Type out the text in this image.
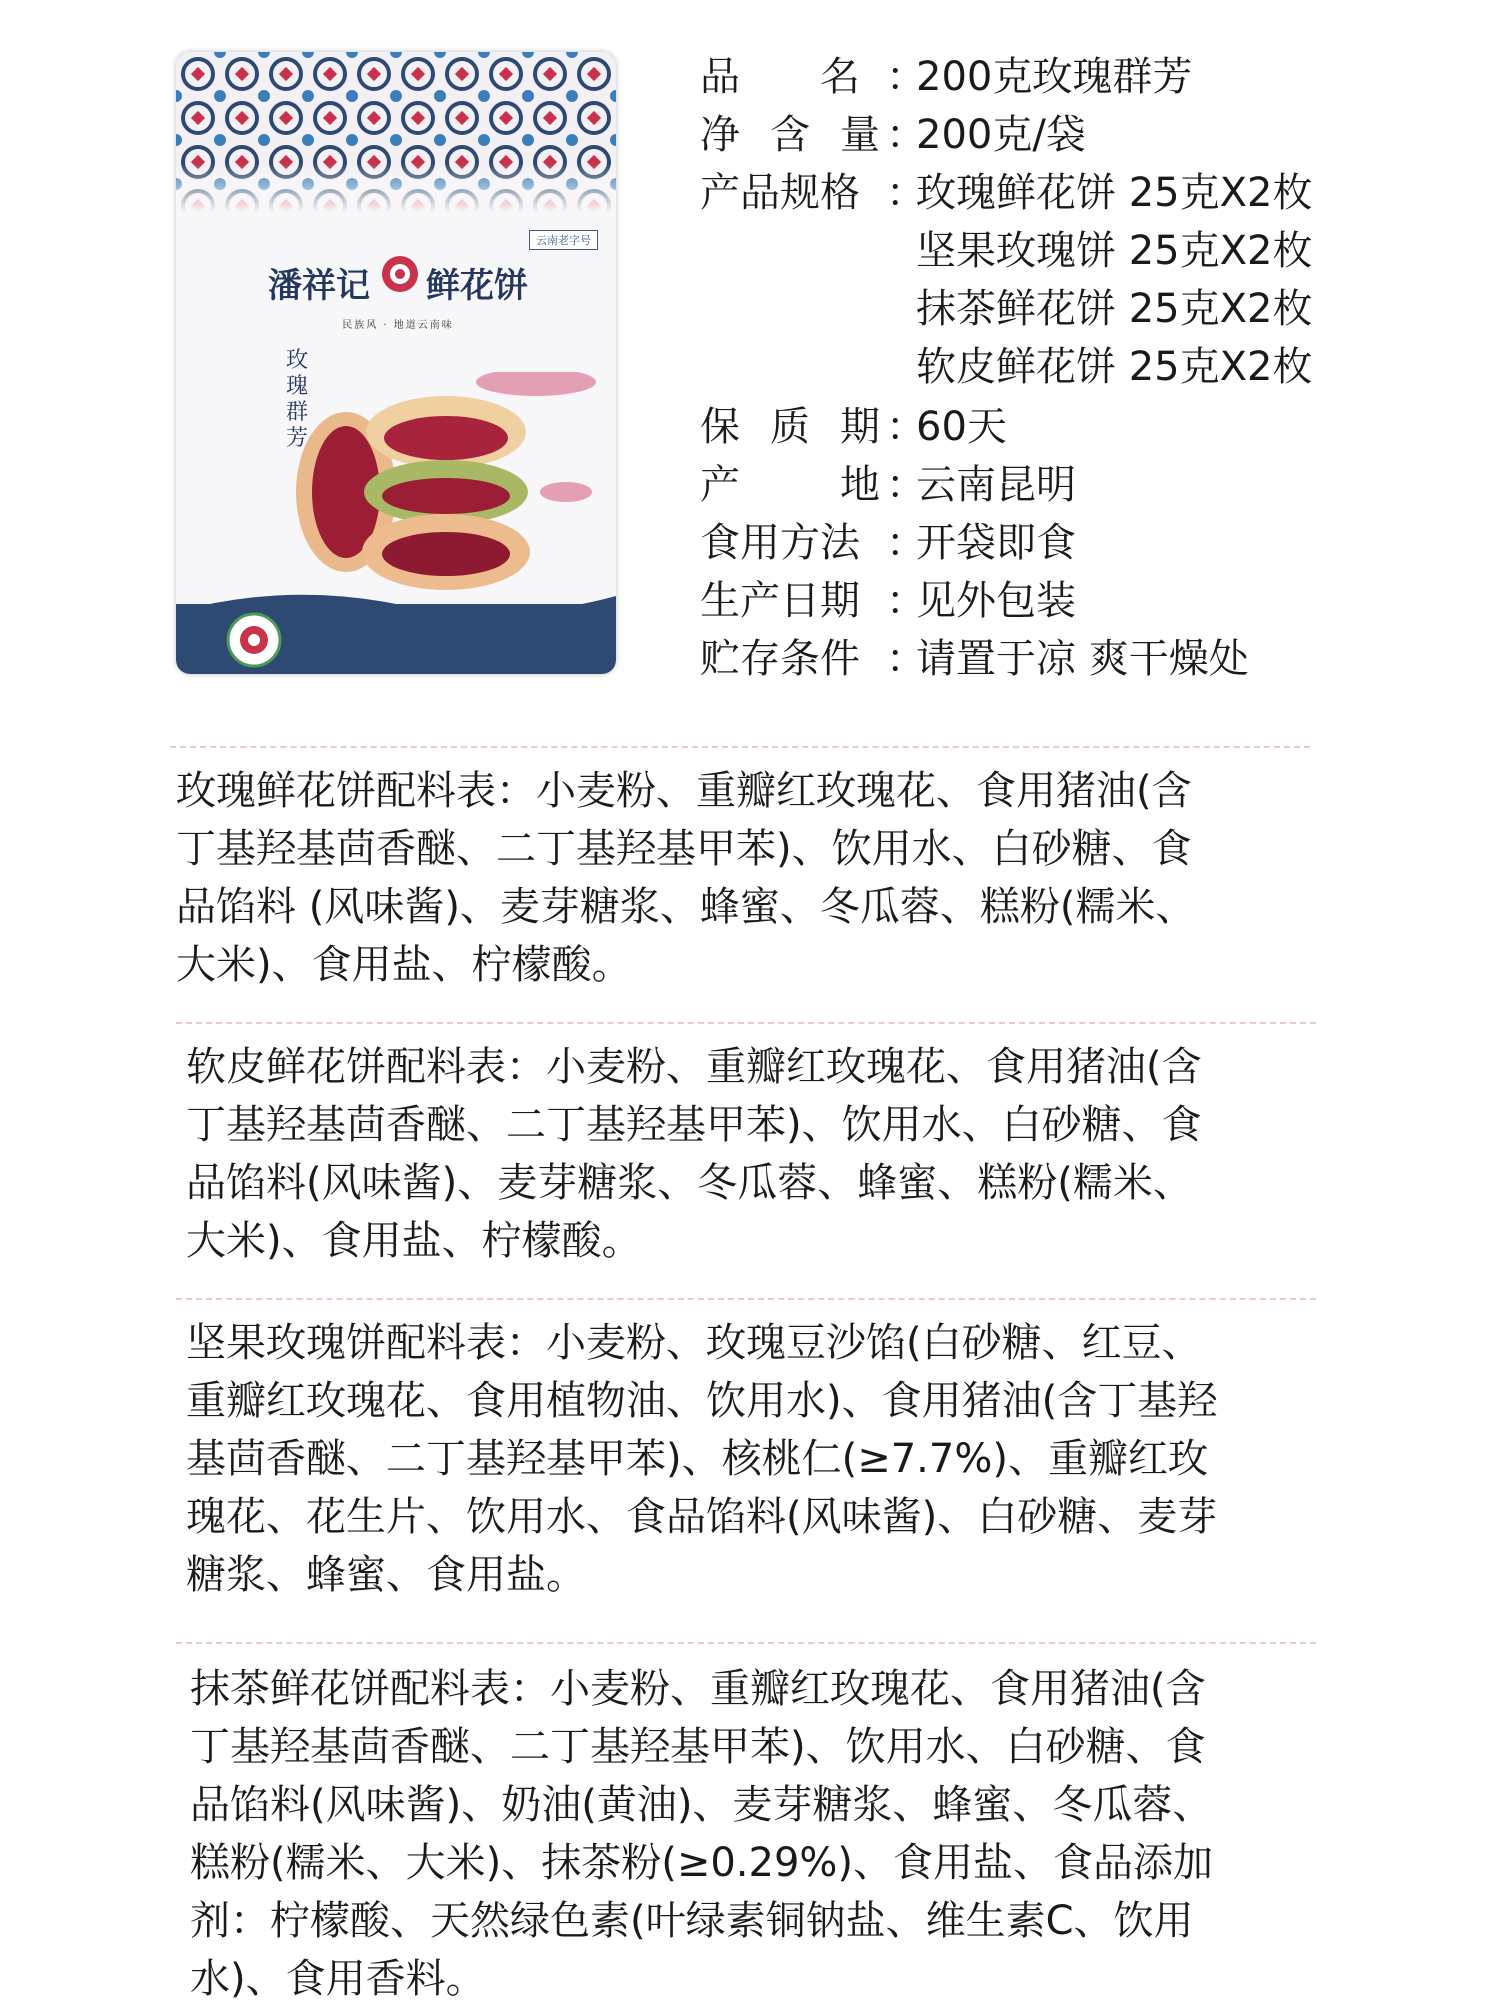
云南老字号
潘祥记 鲜花饼
民族风 · 地道云南味
玫瑰群芳
品 名 ：
200克玫瑰群芳
净 含 量 ：
200克/袋
产品规格 ：
玫瑰鲜花饼 25克X2枚
坚果玫瑰饼 25克X2枚
抹茶鲜花饼 25克X2枚
软皮鲜花饼 25克X2枚
保 质 期 ：
60天
产	地 ：
云南昆明
食用方法 ：
开袋即食
生产日期 ：
见外包装
贮存条件 ：
请置于凉 爽干燥处
玫瑰鲜花饼配料表：小麦粉、重瓣红玫瑰花、食用猪油(含
丁基羟基茴香醚、二丁基羟基甲苯)、饮用水、白砂糖、食
品馅料 (风味酱)、麦芽糖浆、蜂蜜、冬瓜蓉、糕粉(糯米、
大米)、食用盐、柠檬酸。
软皮鲜花饼配料表：小麦粉、重瓣红玫瑰花、食用猪油(含
丁基羟基茴香醚、二丁基羟基甲苯)、饮用水、白砂糖、食
品馅料(风味酱)、麦芽糖浆、冬瓜蓉、蜂蜜、糕粉(糯米、
大米)、食用盐、柠檬酸。
坚果玫瑰饼配料表：小麦粉、玫瑰豆沙馅(白砂糖、红豆、
重瓣红玫瑰花、食用植物油、饮用水)、食用猪油(含丁基羟
基茴香醚、二丁基羟基甲苯)、核桃仁(≥7.7%)、重瓣红玫
瑰花、花生片、饮用水、食品馅料(风味酱)、白砂糖、麦芽
糖浆、蜂蜜、食用盐。
抹茶鲜花饼配料表：小麦粉、重瓣红玫瑰花、食用猪油(含
丁基羟基茴香醚、二丁基羟基甲苯)、饮用水、白砂糖、食
品馅料(风味酱)、奶油(黄油)、麦芽糖浆、蜂蜜、冬瓜蓉、
糕粉(糯米、大米)、抹茶粉(≥0.29%)、食用盐、食品添加
剂：柠檬酸、天然绿色素(叶绿素铜钠盐、维生素C、饮用
水)、食用香料。
